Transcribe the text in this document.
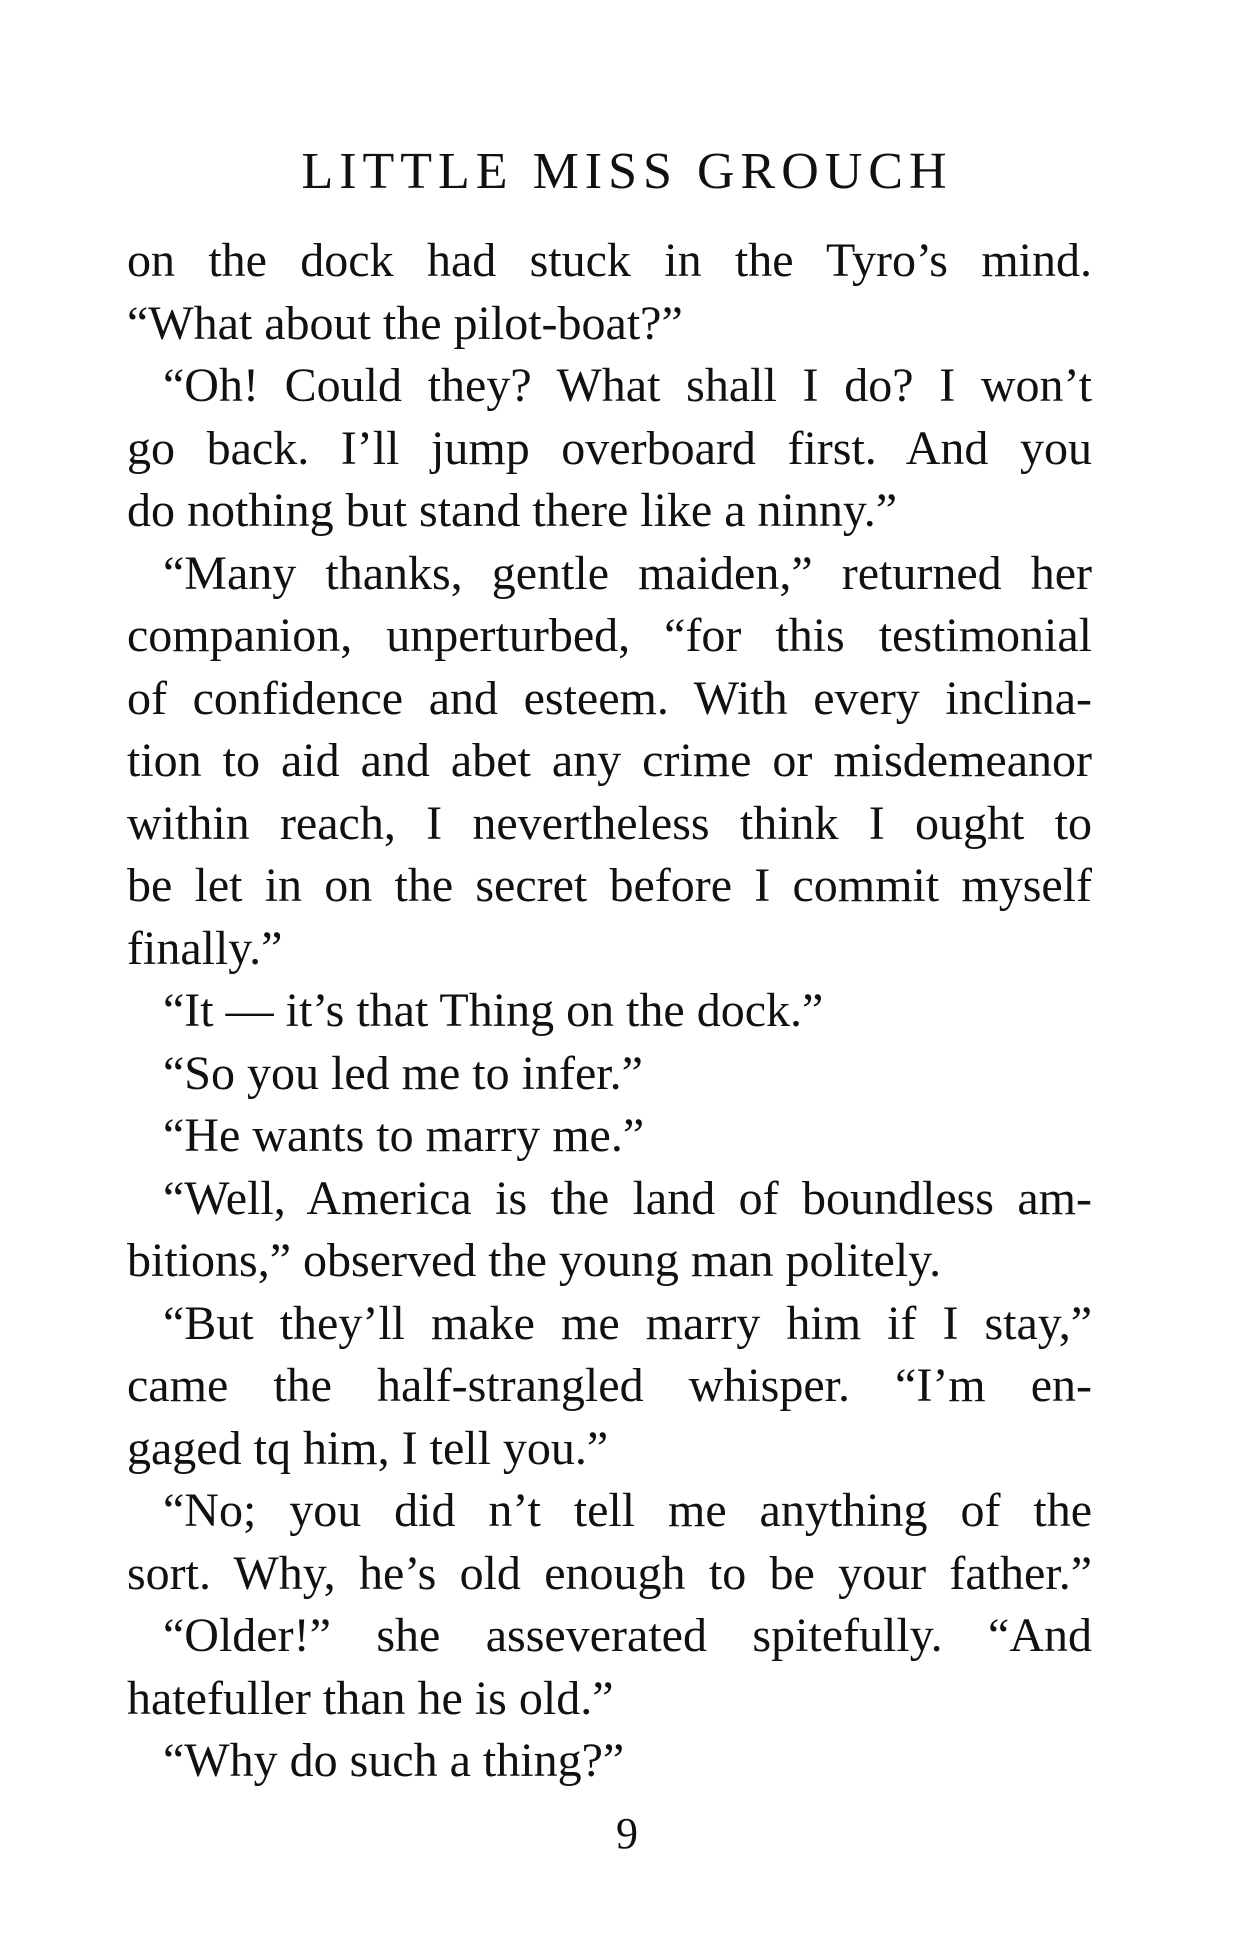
LITTLE MISS GROUCH
on the dock had stuck in the Tyro’s mind.
“What about the pilot-boat?”
“Oh! Could they? What shall I do? I won’t
go back. I’ll jump overboard first. And you
do nothing but stand there like a ninny.”
“Many thanks, gentle maiden,” returned her
companion, unperturbed, “for this testimonial
of confidence and esteem. With every inclina-
tion to aid and abet any crime or misdemeanor
within reach, I nevertheless think I ought to
be let in on the secret before I commit myself
finally.”
“It — it’s that Thing on the dock.”
“So you led me to infer.”
“He wants to marry me.”
“Well, America is the land of boundless am-
bitions,” observed the young man politely.
“But they’ll make me marry him if I stay,”
came the half-strangled whisper. “I’m en-
gaged tq him, I tell you.”
“No; you did n’t tell me anything of the
sort. Why, he’s old enough to be your father.”
“Older!” she asseverated spitefully. “And
hatefuller than he is old.”
“Why do such a thing?”
9
